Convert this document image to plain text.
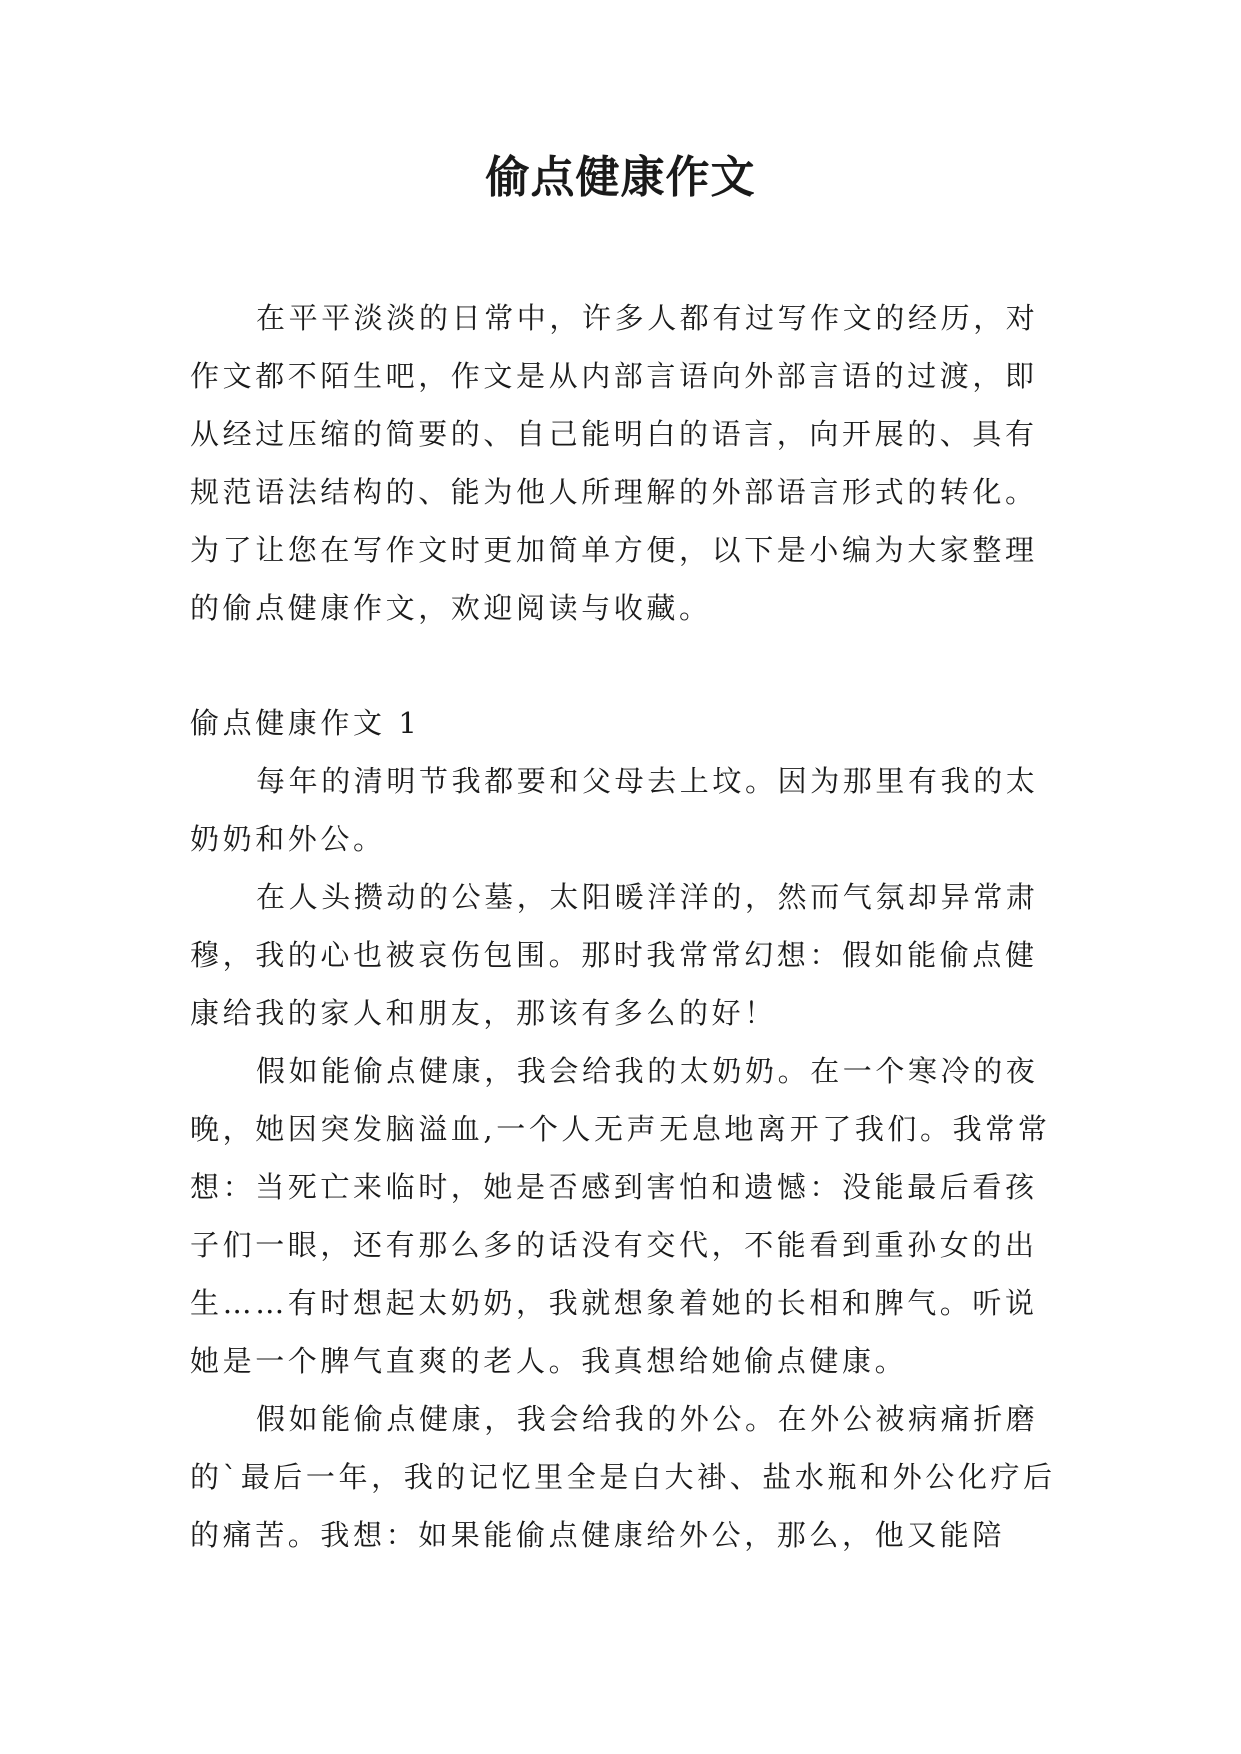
偷点健康作文

在平平淡淡的日常中，许多人都有过写作文的经历，对作文都不陌生吧，作文是从内部言语向外部言语的过渡，即从经过压缩的简要的、自己能明白的语言，向开展的、具有规范语法结构的、能为他人所理解的外部语言形式的转化。为了让您在写作文时更加简单方便，以下是小编为大家整理的偷点健康作文，欢迎阅读与收藏。

偷点健康作文 1

每年的清明节我都要和父母去上坟。因为那里有我的太奶奶和外公。

在人头攒动的公墓，太阳暖洋洋的，然而气氛却异常肃穆，我的心也被哀伤包围。那时我常常幻想：假如能偷点健康给我的家人和朋友，那该有多么的好！

假如能偷点健康，我会给我的太奶奶。在一个寒冷的夜晚，她因突发脑溢血,一个人无声无息地离开了我们。我常常想：当死亡来临时，她是否感到害怕和遗憾：没能最后看孩子们一眼，还有那么多的话没有交代，不能看到重孙女的出生……有时想起太奶奶，我就想象着她的长相和脾气。听说她是一个脾气直爽的老人。我真想给她偷点健康。

假如能偷点健康，我会给我的外公。在外公被病痛折磨的`最后一年，我的记忆里全是白大褂、盐水瓶和外公化疗后的痛苦。我想：如果能偷点健康给外公，那么，他又能陪
